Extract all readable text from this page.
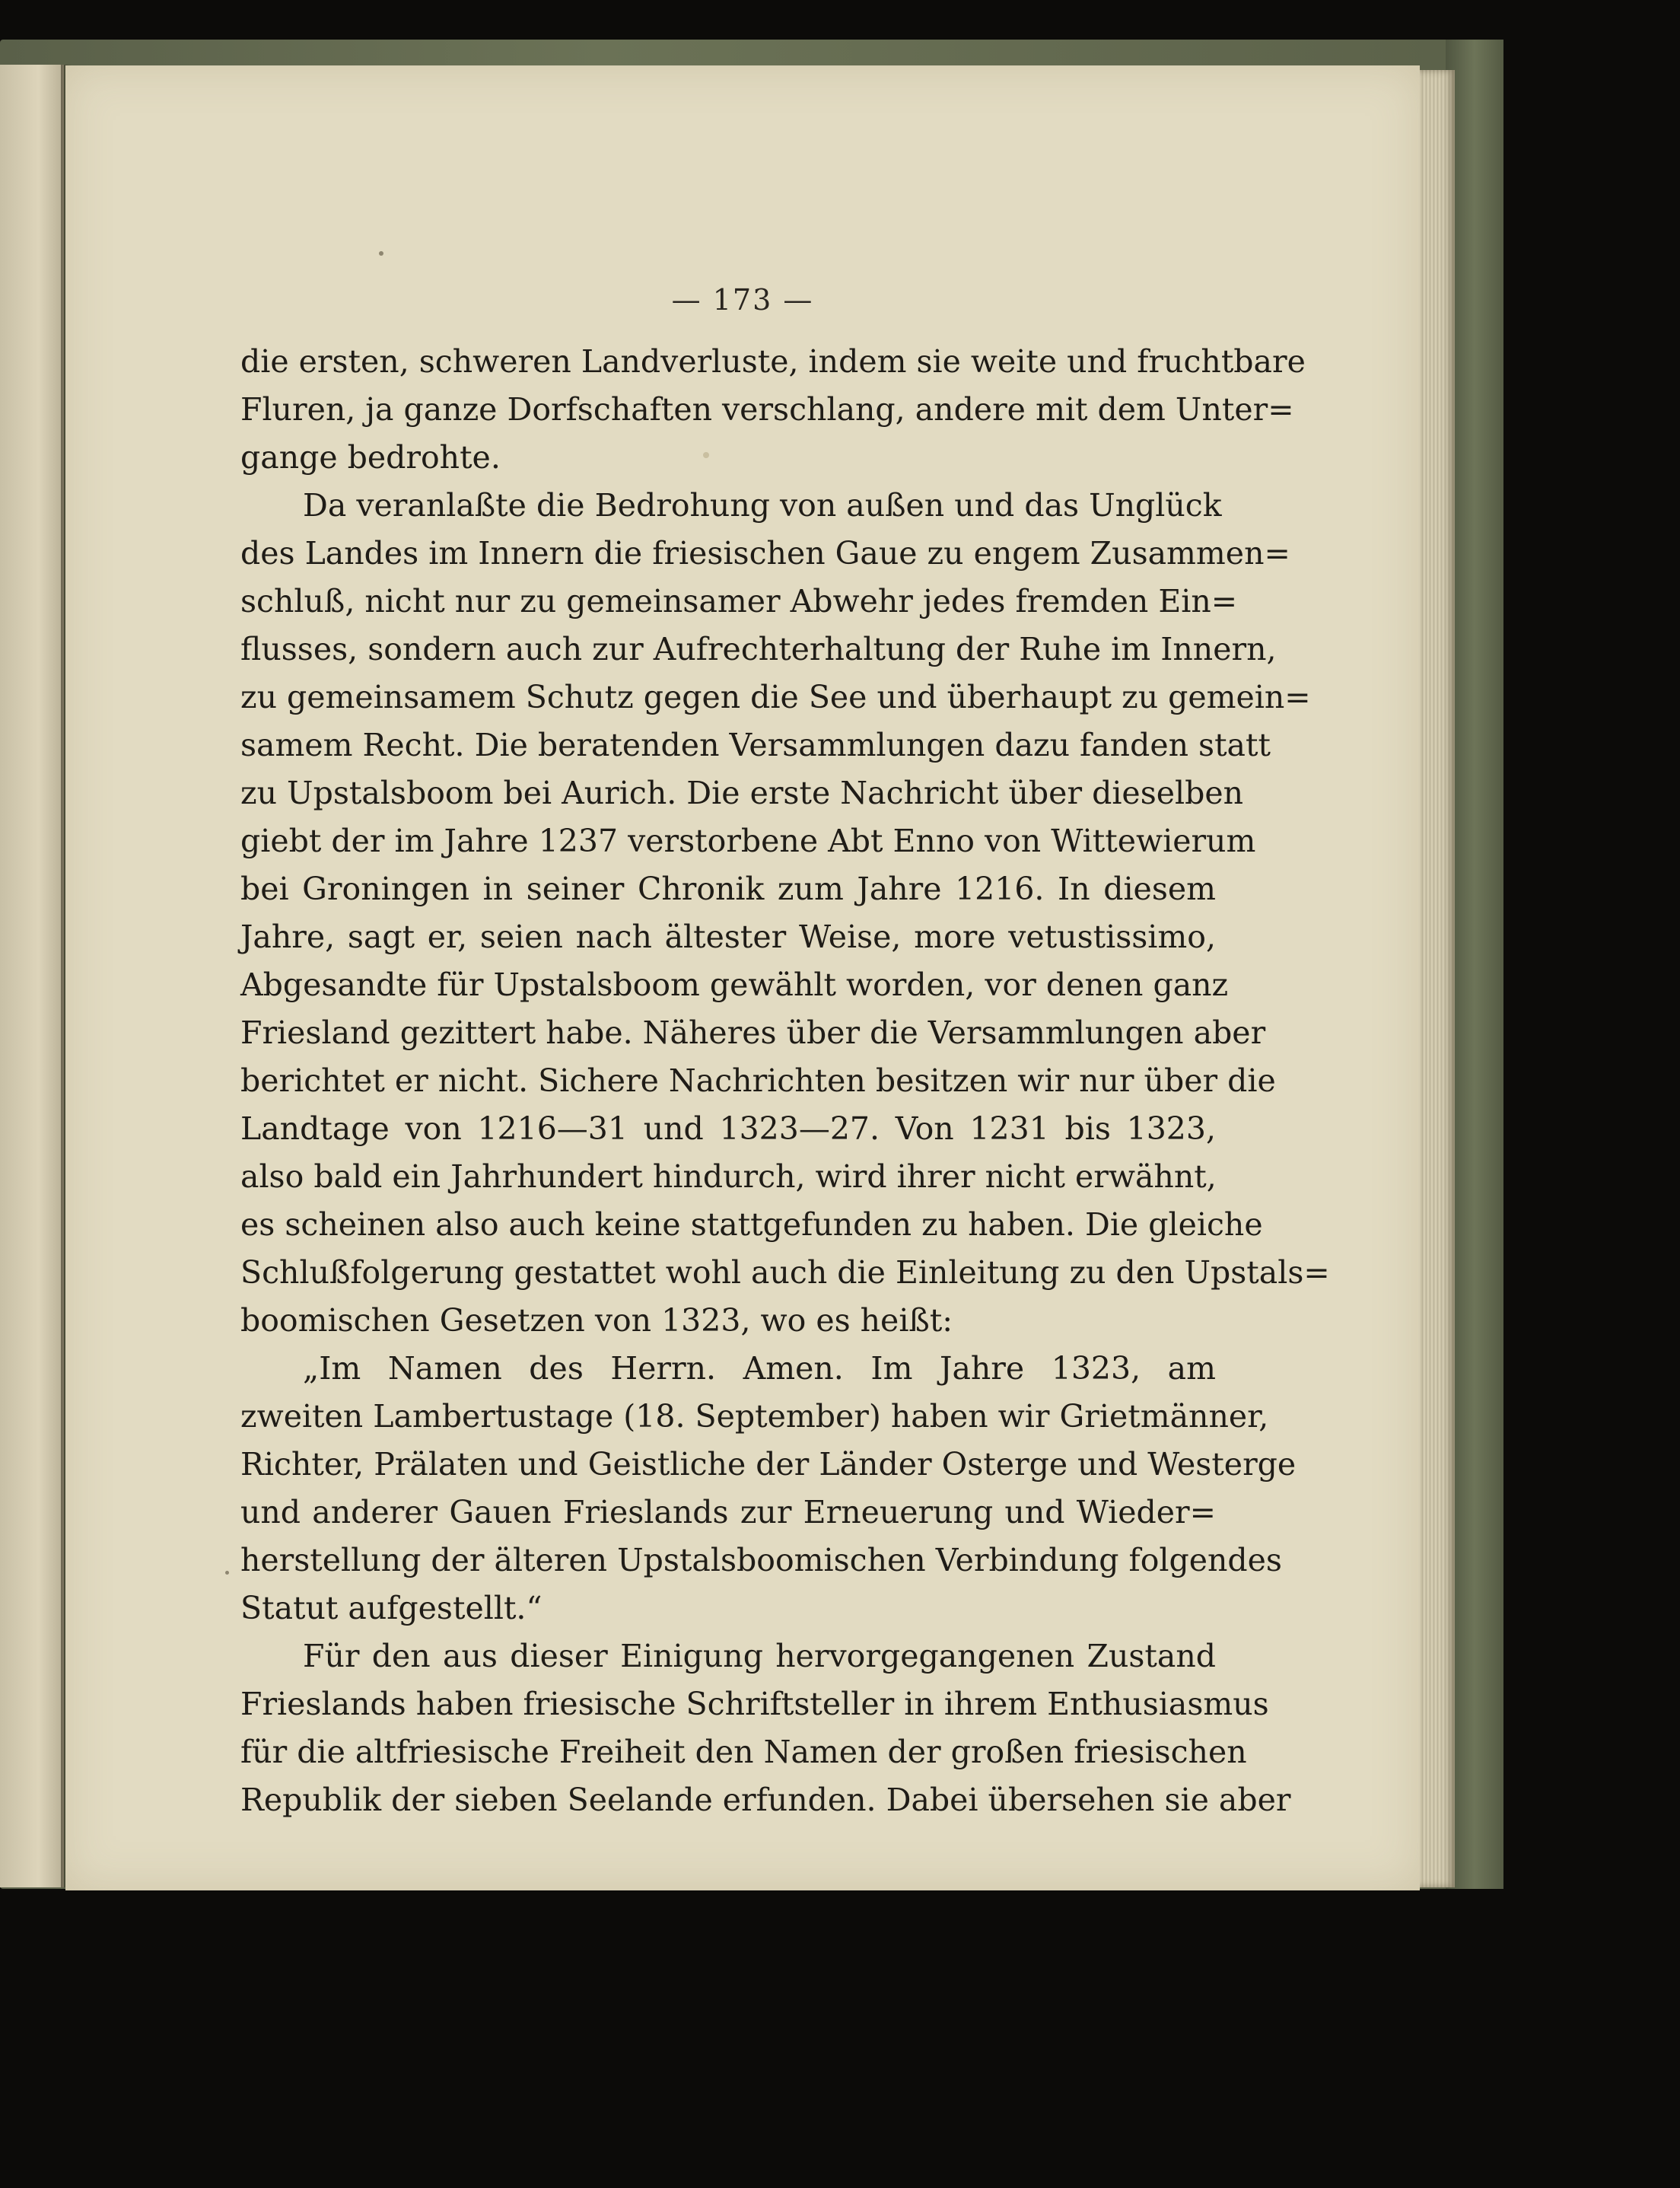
— 173 —
die ersten, schweren Landverluste, indem sie weite und fruchtbare
Fluren, ja ganze Dorfschaften verschlang, andere mit dem Unter=
gange bedrohte.
Da veranlaßte die Bedrohung von außen und das Unglück
des Landes im Innern die friesischen Gaue zu engem Zusammen=
schluß, nicht nur zu gemeinsamer Abwehr jedes fremden Ein=
flusses, sondern auch zur Aufrechterhaltung der Ruhe im Innern,
zu gemeinsamem Schutz gegen die See und überhaupt zu gemein=
samem Recht. Die beratenden Versammlungen dazu fanden statt
zu Upstalsboom bei Aurich. Die erste Nachricht über dieselben
giebt der im Jahre 1237 verstorbene Abt Enno von Wittewierum
bei Groningen in seiner Chronik zum Jahre 1216. In diesem
Jahre, sagt er, seien nach ältester Weise, more vetustissimo,
Abgesandte für Upstalsboom gewählt worden, vor denen ganz
Friesland gezittert habe. Näheres über die Versammlungen aber
berichtet er nicht. Sichere Nachrichten besitzen wir nur über die
Landtage von 1216—31 und 1323—27. Von 1231 bis 1323,
also bald ein Jahrhundert hindurch, wird ihrer nicht erwähnt,
es scheinen also auch keine stattgefunden zu haben. Die gleiche
Schlußfolgerung gestattet wohl auch die Einleitung zu den Upstals=
boomischen Gesetzen von 1323, wo es heißt:
„Im Namen des Herrn. Amen. Im Jahre 1323, am
zweiten Lambertustage (18. September) haben wir Grietmänner,
Richter, Prälaten und Geistliche der Länder Osterge und Westerge
und anderer Gauen Frieslands zur Erneuerung und Wieder=
herstellung der älteren Upstalsboomischen Verbindung folgendes
Statut aufgestellt.“
Für den aus dieser Einigung hervorgegangenen Zustand
Frieslands haben friesische Schriftsteller in ihrem Enthusiasmus
für die altfriesische Freiheit den Namen der großen friesischen
Republik der sieben Seelande erfunden. Dabei übersehen sie aber
